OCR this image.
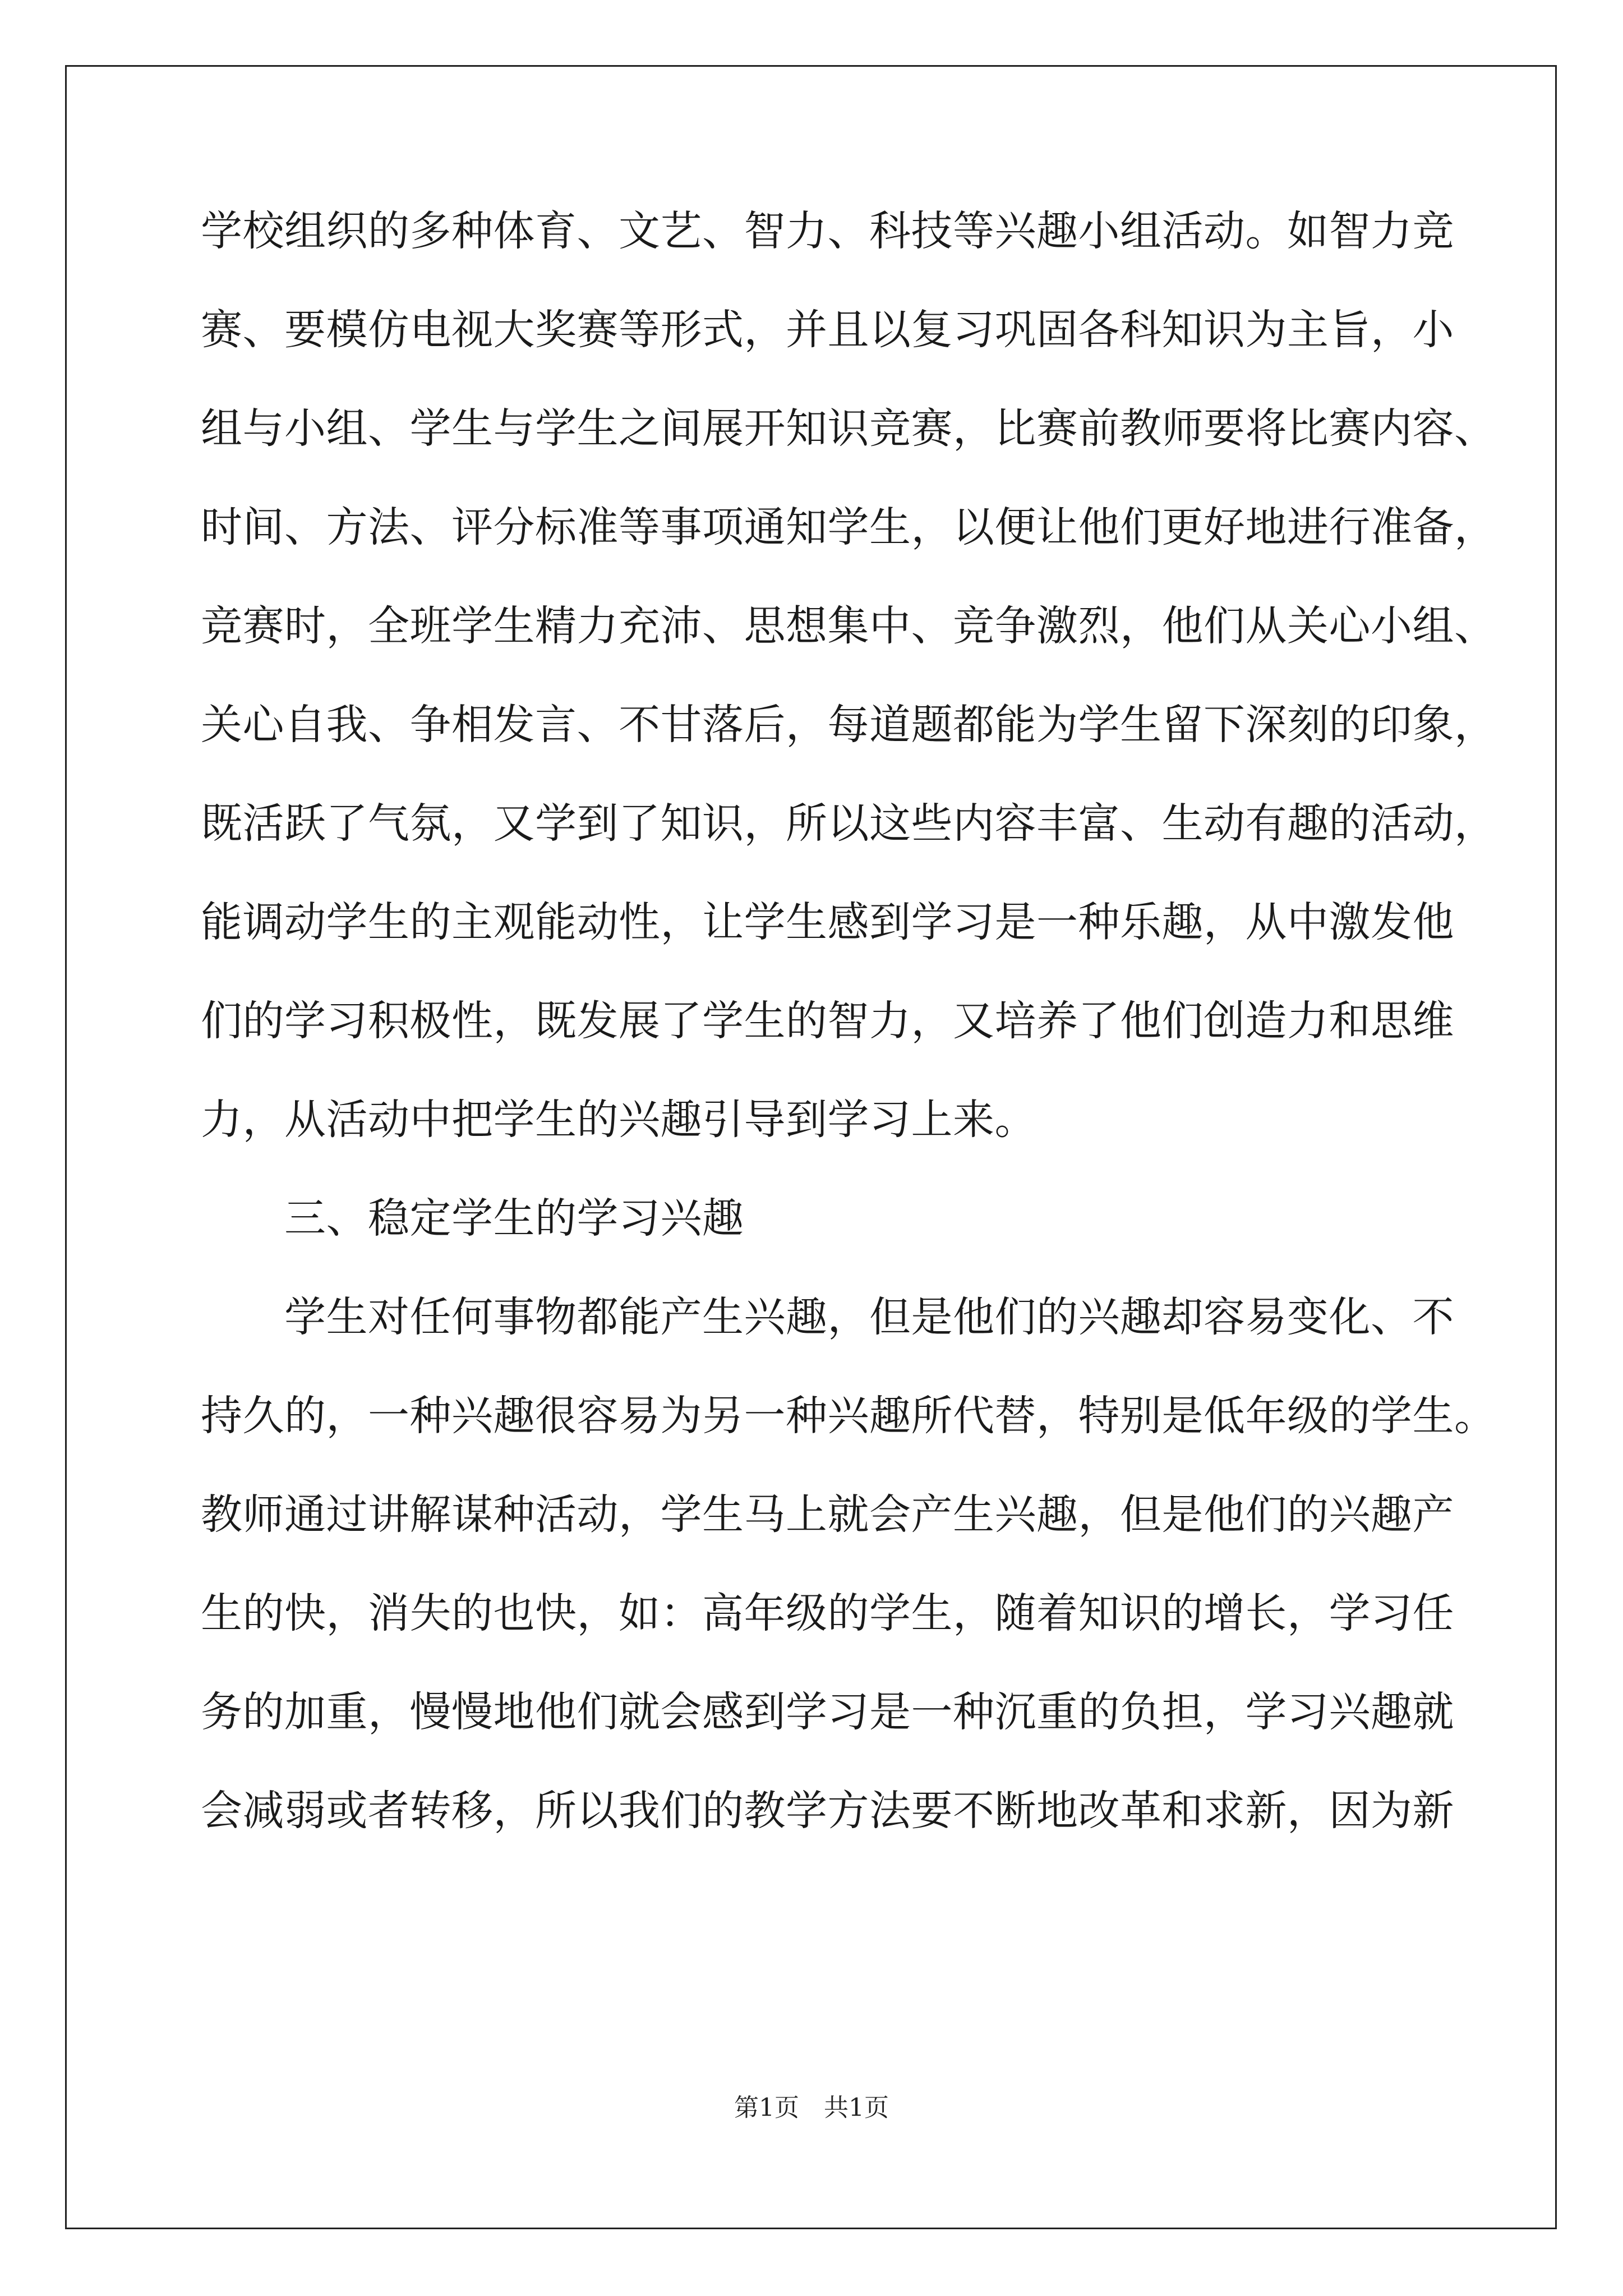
学校组织的多种体育、文艺、智力、科技等兴趣小组活动。如智力竞
赛、要模仿电视大奖赛等形式，并且以复习巩固各科知识为主旨，小
组与小组、学生与学生之间展开知识竞赛，比赛前教师要将比赛内容、
时间、方法、评分标准等事项通知学生，以便让他们更好地进行准备，
竞赛时，全班学生精力充沛、思想集中、竞争激烈，他们从关心小组、
关心自我、争相发言、不甘落后，每道题都能为学生留下深刻的印象，
既活跃了气氛，又学到了知识，所以这些内容丰富、生动有趣的活动，
能调动学生的主观能动性，让学生感到学习是一种乐趣，从中激发他
们的学习积极性，既发展了学生的智力，又培养了他们创造力和思维
力，从活动中把学生的兴趣引导到学习上来。
　　三、稳定学生的学习兴趣
　　学生对任何事物都能产生兴趣，但是他们的兴趣却容易变化、不
持久的，一种兴趣很容易为另一种兴趣所代替，特别是低年级的学生。
教师通过讲解谋种活动，学生马上就会产生兴趣，但是他们的兴趣产
生的快，消失的也快，如：高年级的学生，随着知识的增长，学习任
务的加重，慢慢地他们就会感到学习是一种沉重的负担，学习兴趣就
会减弱或者转移，所以我们的教学方法要不断地改革和求新，因为新
第1页　共1页
